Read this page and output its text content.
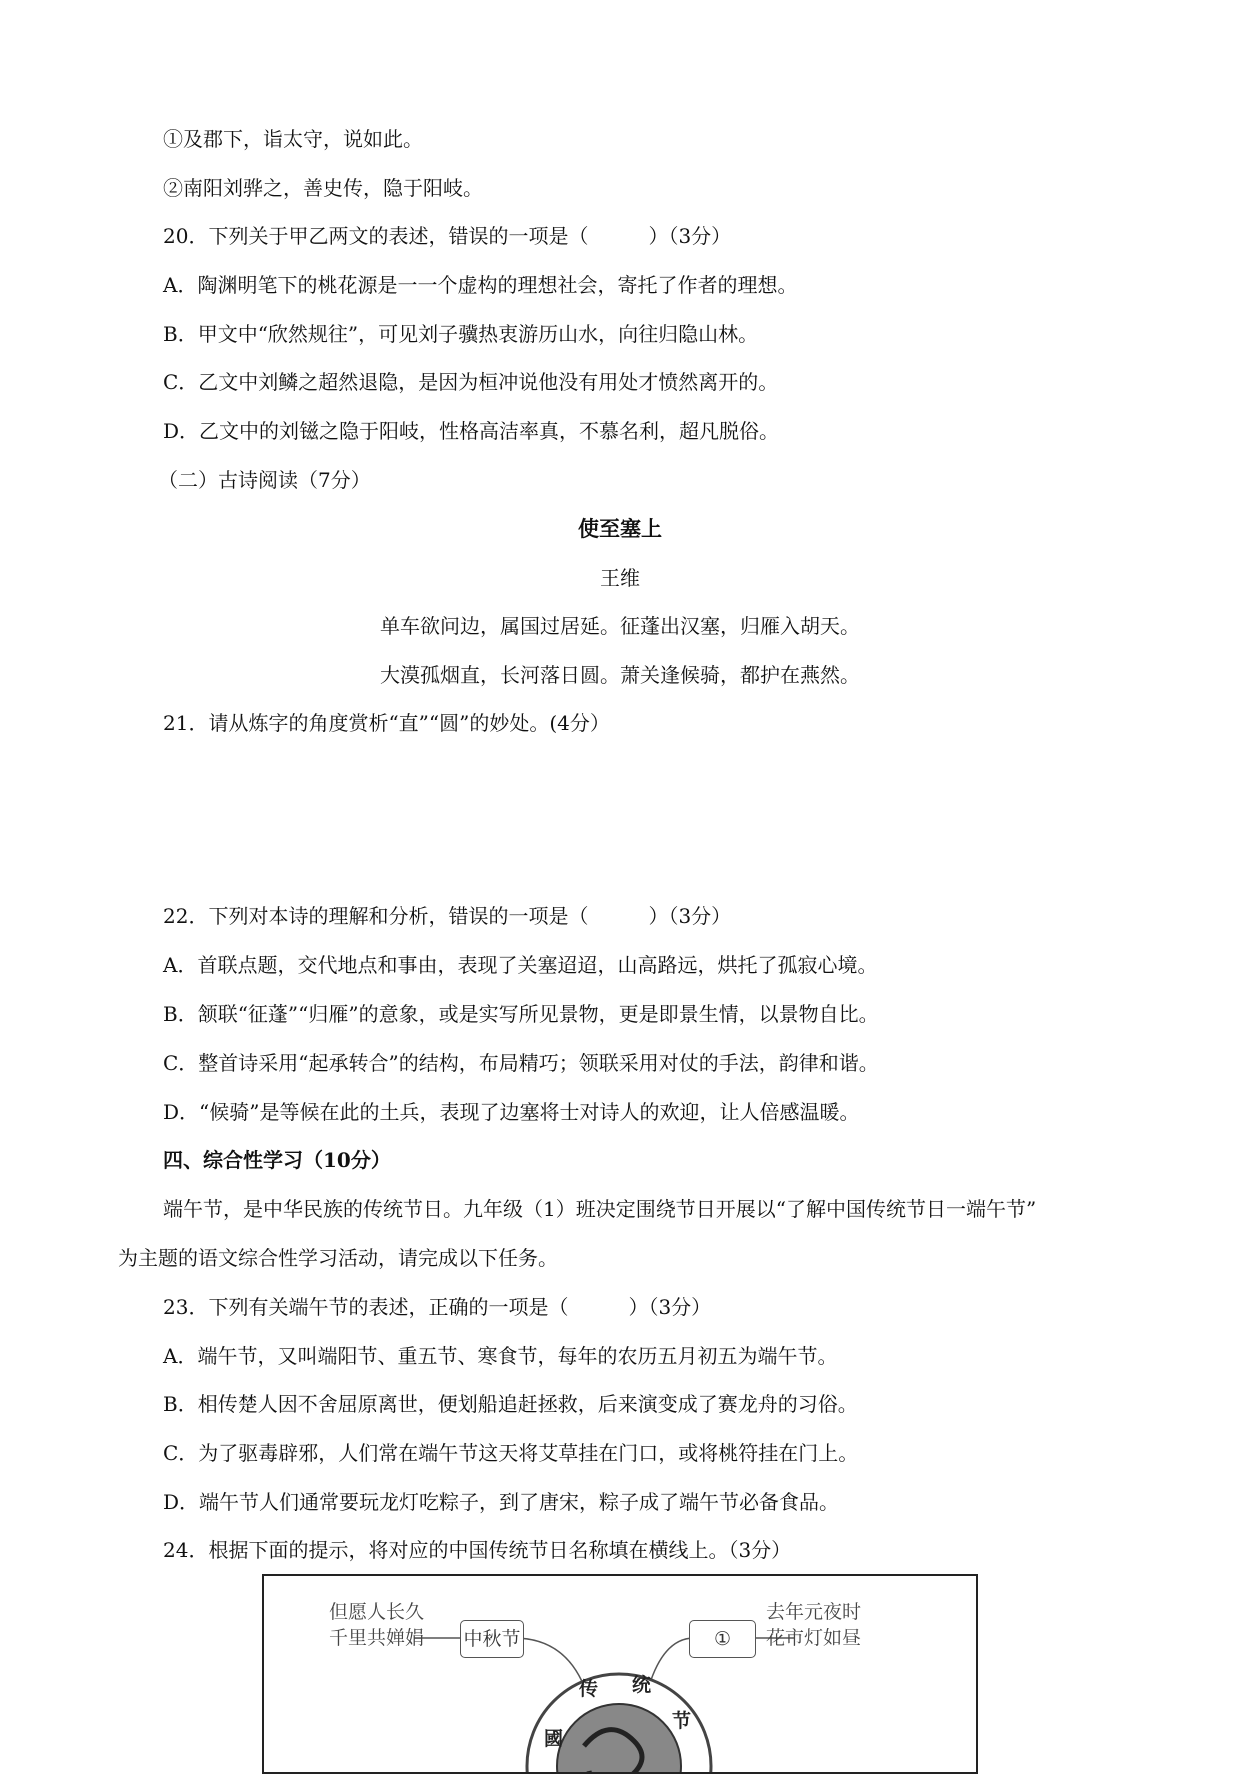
①及郡下，诣太守，说如此。
②南阳刘骅之，善史传，隐于阳岐。
20．下列关于甲乙两文的表述，错误的一项是（　　　）（3分）
A．陶渊明笔下的桃花源是一一个虚构的理想社会，寄托了作者的理想。
B．甲文中“欣然规往”，可见刘子骥热衷游历山水，向往归隐山林。
C．乙文中刘鳞之超然退隐，是因为桓冲说他没有用处才愤然离开的。
D．乙文中的刘镃之隐于阳岐，性格高洁率真，不慕名利，超凡脱俗。
（二）古诗阅读（7分）
使至塞上
王维
单车欲问边，属国过居延。征蓬出汉塞，归雁入胡天。
大漠孤烟直，长河落日圆。萧关逢候骑，都护在燕然。
21．请从炼字的角度赏析“直”“圆”的妙处。(4分）
22．下列对本诗的理解和分析，错误的一项是（　　　）（3分）
A．首联点题，交代地点和事由，表现了关塞迢迢，山高路远，烘托了孤寂心境。
B．颔联“征蓬”“归雁”的意象，或是实写所见景物，更是即景生情，以景物自比。
C．整首诗采用“起承转合”的结构，布局精巧；领联采用对仗的手法，韵律和谐。
D．“候骑”是等候在此的土兵，表现了边塞将士对诗人的欢迎，让人倍感温暖。
四、综合性学习（10分）
端午节，是中华民族的传统节日。九年级（1）班决定围绕节日开展以“了解中国传统节日一端午节”
为主题的语文综合性学习活动，请完成以下任务。
23．下列有关端午节的表述，正确的一项是（　　　）（3分）
A．端午节，又叫端阳节、重五节、寒食节，每年的农历五月初五为端午节。
B．相传楚人因不舍屈原离世，便划船追赶拯救，后来演变成了赛龙舟的习俗。
C．为了驱毒辟邪，人们常在端午节这天将艾草挂在门口，或将桃符挂在门上。
D．端午节人们通常要玩龙灯吃粽子，到了唐宋，粽子成了端午节必备食品。
24．根据下面的提示，将对应的中国传统节日名称填在横线上。（3分）
但愿人长久
千里共婵娟 中秋节	①
去年元夜时
花市灯如昼
传 统
节
國
